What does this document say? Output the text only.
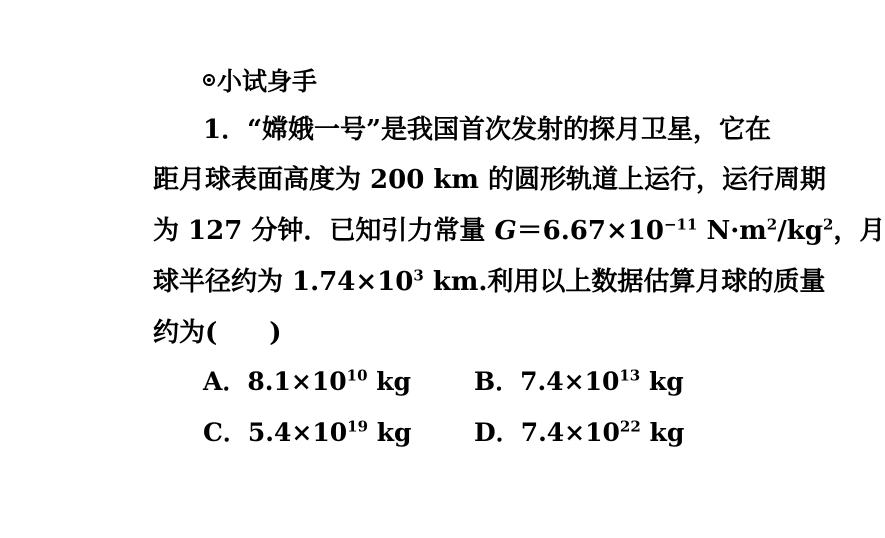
小试身手
1．“嫦娥一号”是我国首次发射的探月卫星，它在
距月球表面高度为 200 km 的圆形轨道上运行，运行周期
为 127 分钟．已知引力常量 $G=6.67\times 10^{-11}$ $N\cdot m^2/kg^2$，月
球半径约为 $1.74\times 10^3$ km.利用以上数据估算月球的质量
约为(　　)
A．$8.1\times 10^{10}$ kg	B．$7.4\times 10^{13}$ kg
C．$5.4\times 10^{19}$ kg D．$7.4\times 10^{22}$ kg
